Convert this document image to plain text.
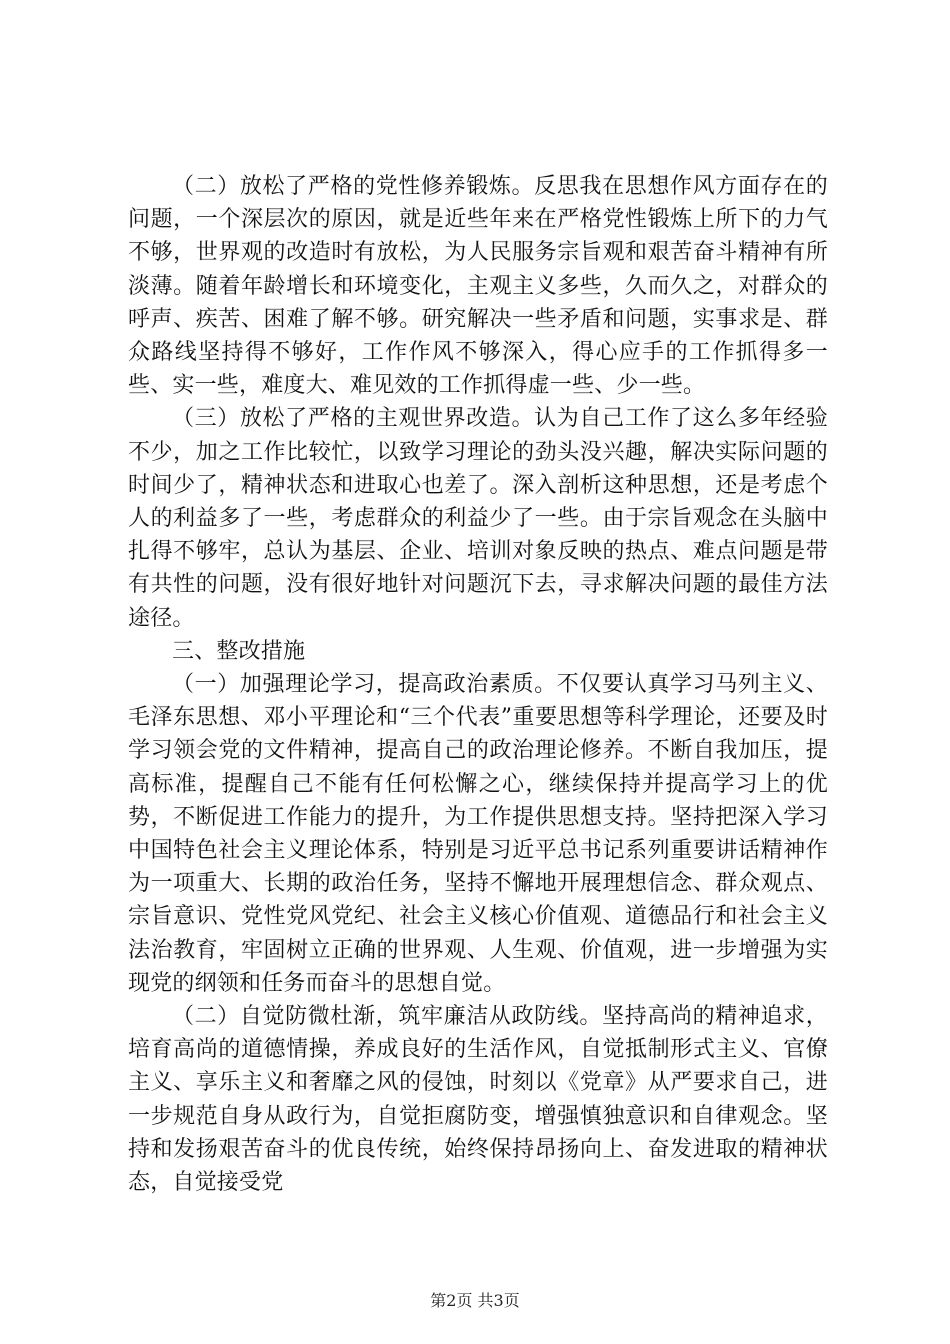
（二）放松了严格的党性修养锻炼。反思我在思想作风方面存在的问题，一个深层次的原因，就是近些年来在严格党性锻炼上所下的力气不够，世界观的改造时有放松，为人民服务宗旨观和艰苦奋斗精神有所淡薄。随着年龄增长和环境变化，主观主义多些，久而久之，对群众的呼声、疾苦、困难了解不够。研究解决一些矛盾和问题，实事求是、群众路线坚持得不够好，工作作风不够深入，得心应手的工作抓得多一些、实一些，难度大、难见效的工作抓得虚一些、少一些。

（三）放松了严格的主观世界改造。认为自己工作了这么多年经验不少，加之工作比较忙，以致学习理论的劲头没兴趣，解决实际问题的时间少了，精神状态和进取心也差了。深入剖析这种思想，还是考虑个人的利益多了一些，考虑群众的利益少了一些。由于宗旨观念在头脑中扎得不够牢，总认为基层、企业、培训对象反映的热点、难点问题是带有共性的问题，没有很好地针对问题沉下去，寻求解决问题的最佳方法途径。

三、整改措施

（一）加强理论学习，提高政治素质。不仅要认真学习马列主义、毛泽东思想、邓小平理论和“三个代表”重要思想等科学理论，还要及时学习领会党的文件精神，提高自己的政治理论修养。不断自我加压，提高标准，提醒自己不能有任何松懈之心，继续保持并提高学习上的优势，不断促进工作能力的提升，为工作提供思想支持。坚持把深入学习中国特色社会主义理论体系，特别是习近平总书记系列重要讲话精神作为一项重大、长期的政治任务，坚持不懈地开展理想信念、群众观点、宗旨意识、党性党风党纪、社会主义核心价值观、道德品行和社会主义法治教育，牢固树立正确的世界观、人生观、价值观，进一步增强为实现党的纲领和任务而奋斗的思想自觉。

（二）自觉防微杜渐，筑牢廉洁从政防线。坚持高尚的精神追求，培育高尚的道德情操，养成良好的生活作风，自觉抵制形式主义、官僚主义、享乐主义和奢靡之风的侵蚀，时刻以《党章》从严要求自己，进一步规范自身从政行为，自觉拒腐防变，增强慎独意识和自律观念。坚持和发扬艰苦奋斗的优良传统，始终保持昂扬向上、奋发进取的精神状态，自觉接受党

第2页 共3页
